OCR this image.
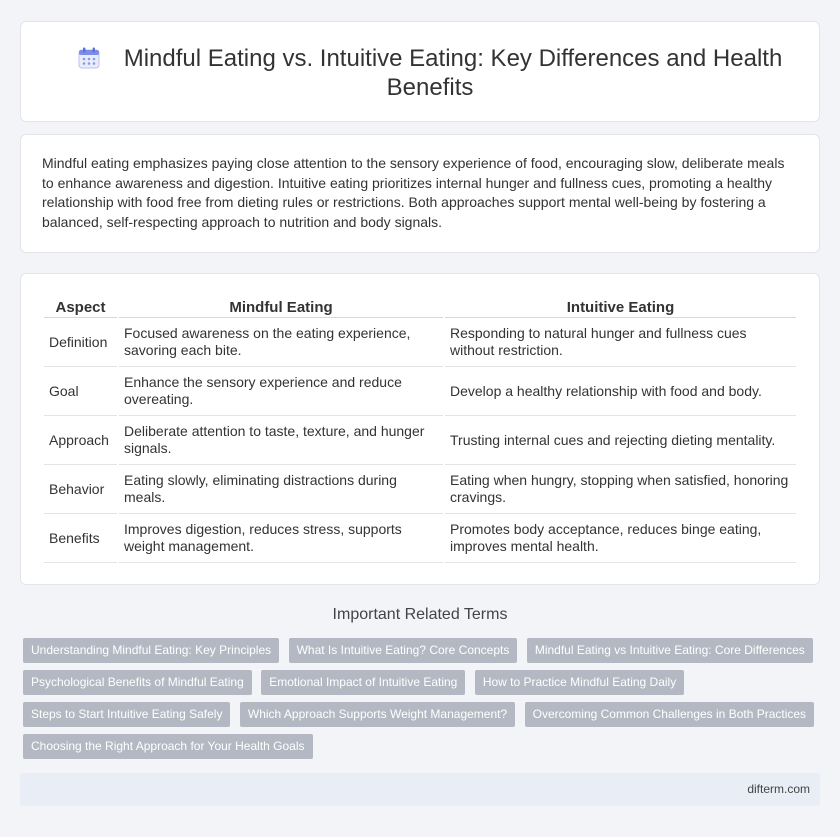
Mindful Eating vs. Intuitive Eating: Key Differences and Health Benefits

Mindful eating emphasizes paying close attention to the sensory experience of food, encouraging slow, deliberate meals to enhance awareness and digestion. Intuitive eating prioritizes internal hunger and fullness cues, promoting a healthy relationship with food free from dieting rules or restrictions. Both approaches support mental well-being by fostering a balanced, self-respecting approach to nutrition and body signals.

Aspect	Mindful Eating	Intuitive Eating
Definition	Focused awareness on the eating experience, savoring each bite.	Responding to natural hunger and fullness cues without restriction.
Goal	Enhance the sensory experience and reduce overeating.	Develop a healthy relationship with food and body.
Approach	Deliberate attention to taste, texture, and hunger signals.	Trusting internal cues and rejecting dieting mentality.
Behavior	Eating slowly, eliminating distractions during meals.	Eating when hungry, stopping when satisfied, honoring cravings.
Benefits	Improves digestion, reduces stress, supports weight management.	Promotes body acceptance, reduces binge eating, improves mental health.
Important Related Terms
Understanding Mindful Eating: Key Principles What Is Intuitive Eating? Core Concepts Mindful Eating vs Intuitive Eating: Core Differences Psychological Benefits of Mindful Eating Emotional Impact of Intuitive Eating How to Practice Mindful Eating Daily Steps to Start Intuitive Eating Safely Which Approach Supports Weight Management? Overcoming Common Challenges in Both Practices Choosing the Right Approach for Your Health Goals
difterm.com
